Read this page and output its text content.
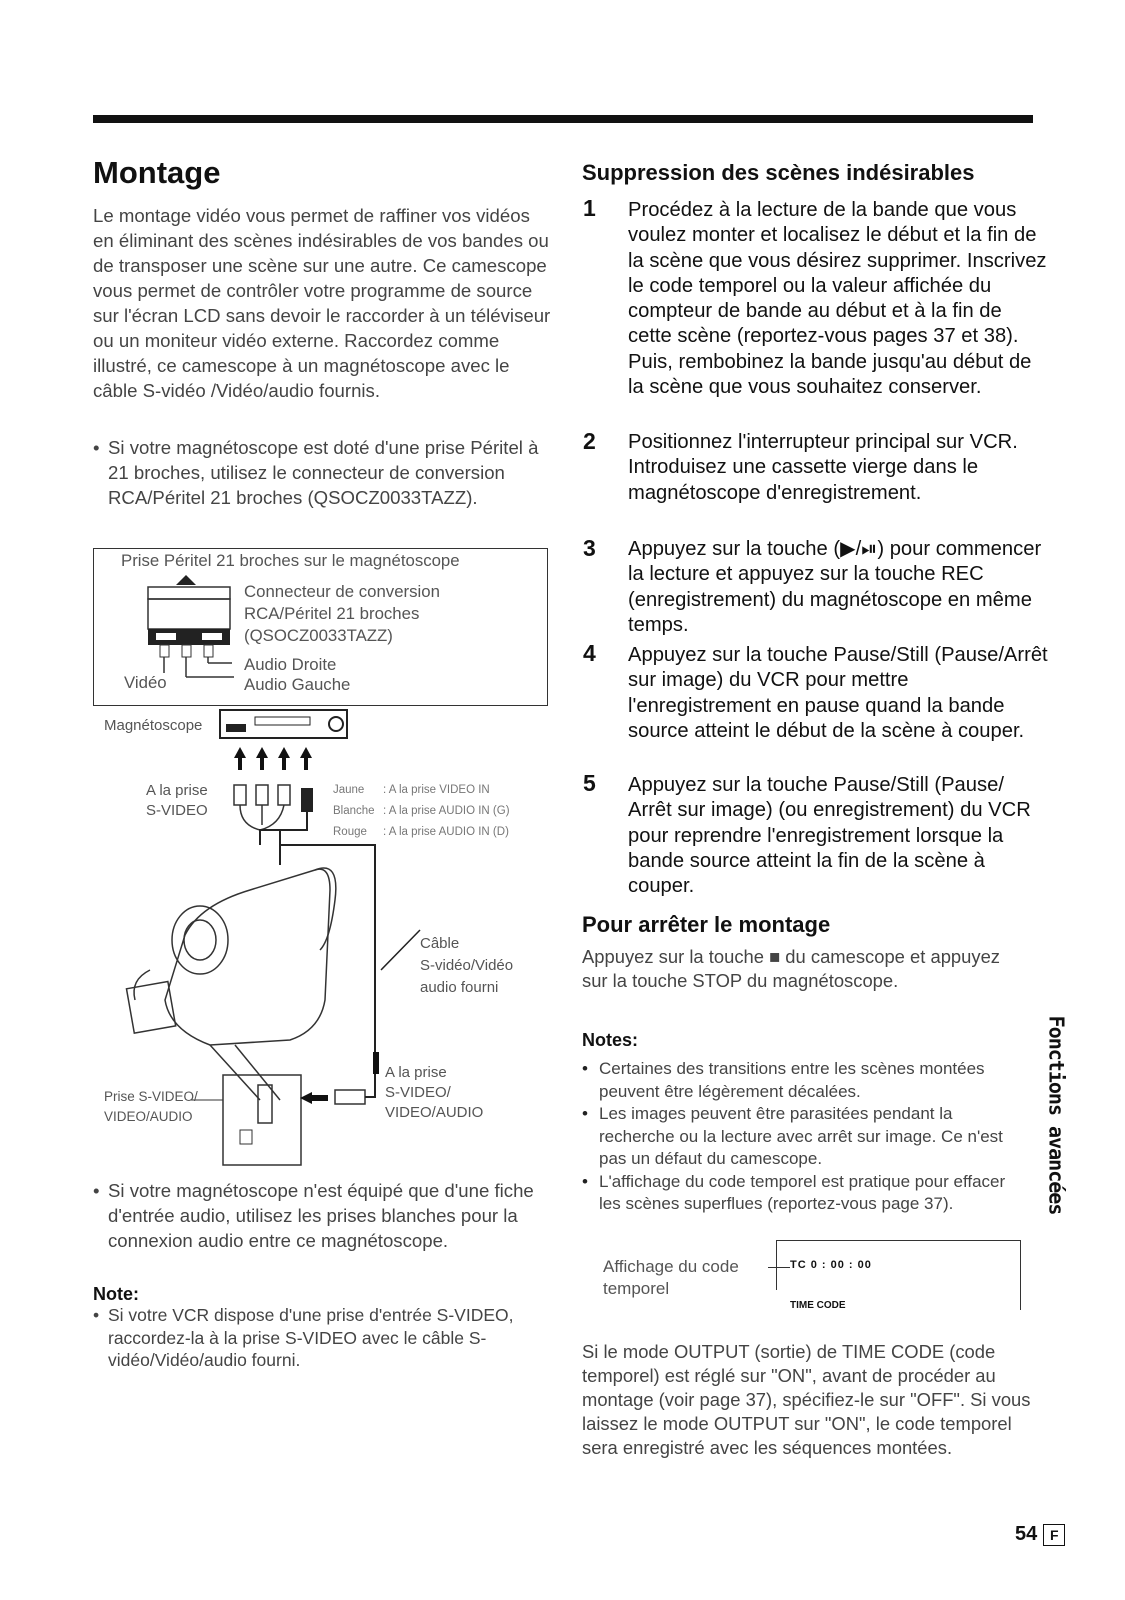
Montage

Le montage vidéo vous permet de raffiner vos vidéos en éliminant des scènes indésirables de vos bandes ou de transposer une scène sur une autre. Ce camescope vous permet de contrôler votre programme de source sur l'écran LCD sans devoir le raccorder à un téléviseur ou un moniteur vidéo externe. Raccordez comme illustré, ce camescope à un magnétoscope avec le câble S-vidéo /Vidéo/audio fournis.

• Si votre magnétoscope est doté d'une prise Péritel à 21 broches, utilisez le connecteur de conversion RCA/Péritel 21 broches (QSOCZ0033TAZZ).
Prise Péritel 21 broches sur le magnétoscope
Connecteur de conversion
RCA/Péritel 21 broches
(QSOCZ0033TAZZ)
Audio Droite
Vidéo	Audio Gauche
Magnétoscope
A la prise
S-VIDEO
Jaune : A la prise VIDEO IN
Blanche : A la prise AUDIO IN (G)
Rouge : A la prise AUDIO IN (D)
Câble
S-vidéo/Vidéo
audio fourni
Prise S-VIDEO/
VIDEO/AUDIO
A la prise
S-VIDEO/
VIDEO/AUDIO
• Si votre magnétoscope n'est équipé que d'une fiche d'entrée audio, utilisez les prises blanches pour la connexion audio entre ce magnétoscope.
Note:
• Si votre VCR dispose d'une prise d'entrée S-VIDEO, raccordez-la à la prise S-VIDEO avec le câble S-vidéo/Vidéo/audio fourni.
Suppression des scènes indésirables
1 Procédez à la lecture de la bande que vous voulez monter et localisez le début et la fin de la scène que vous désirez supprimer. Inscrivez le code temporel ou la valeur affichée du compteur de bande au début et à la fin de cette scène (reportez-vous pages 37 et 38). Puis, rembobinez la bande jusqu'au début de la scène que vous souhaitez conserver.
2 Positionnez l'interrupteur principal sur VCR. Introduisez une cassette vierge dans le magnétoscope d'enregistrement.
3 Appuyez sur la touche (▶/⏯) pour commencer la lecture et appuyez sur la touche REC (enregistrement) du magnétoscope en même temps.
4 Appuyez sur la touche Pause/Still (Pause/Arrêt sur image) du VCR pour mettre l'enregistrement en pause quand la bande source atteint le début de la scène à couper.
5 Appuyez sur la touche Pause/Still (Pause/ Arrêt sur image) (ou enregistrement) du VCR pour reprendre l'enregistrement lorsque la bande source atteint la fin de la scène à couper.
Pour arrêter le montage
Appuyez sur la touche ■ du camescope et appuyez sur la touche STOP du magnétoscope.
Notes:
• Certaines des transitions entre les scènes montées peuvent être légèrement décalées.
• Les images peuvent être parasitées pendant la recherche ou la lecture avec arrêt sur image. Ce n'est pas un défaut du camescope.
• L'affichage du code temporel est pratique pour effacer les scènes superflues (reportez-vous page 37).
Affichage du code
temporel
TC 0 : 00 : 00
TIME CODE
Si le mode OUTPUT (sortie) de TIME CODE (code temporel) est réglé sur "ON", avant de procéder au montage (voir page 37), spécifiez-le sur "OFF". Si vous laissez le mode OUTPUT sur "ON", le code temporel sera enregistré avec les séquences montées.
Fonctions avancées
54 F
